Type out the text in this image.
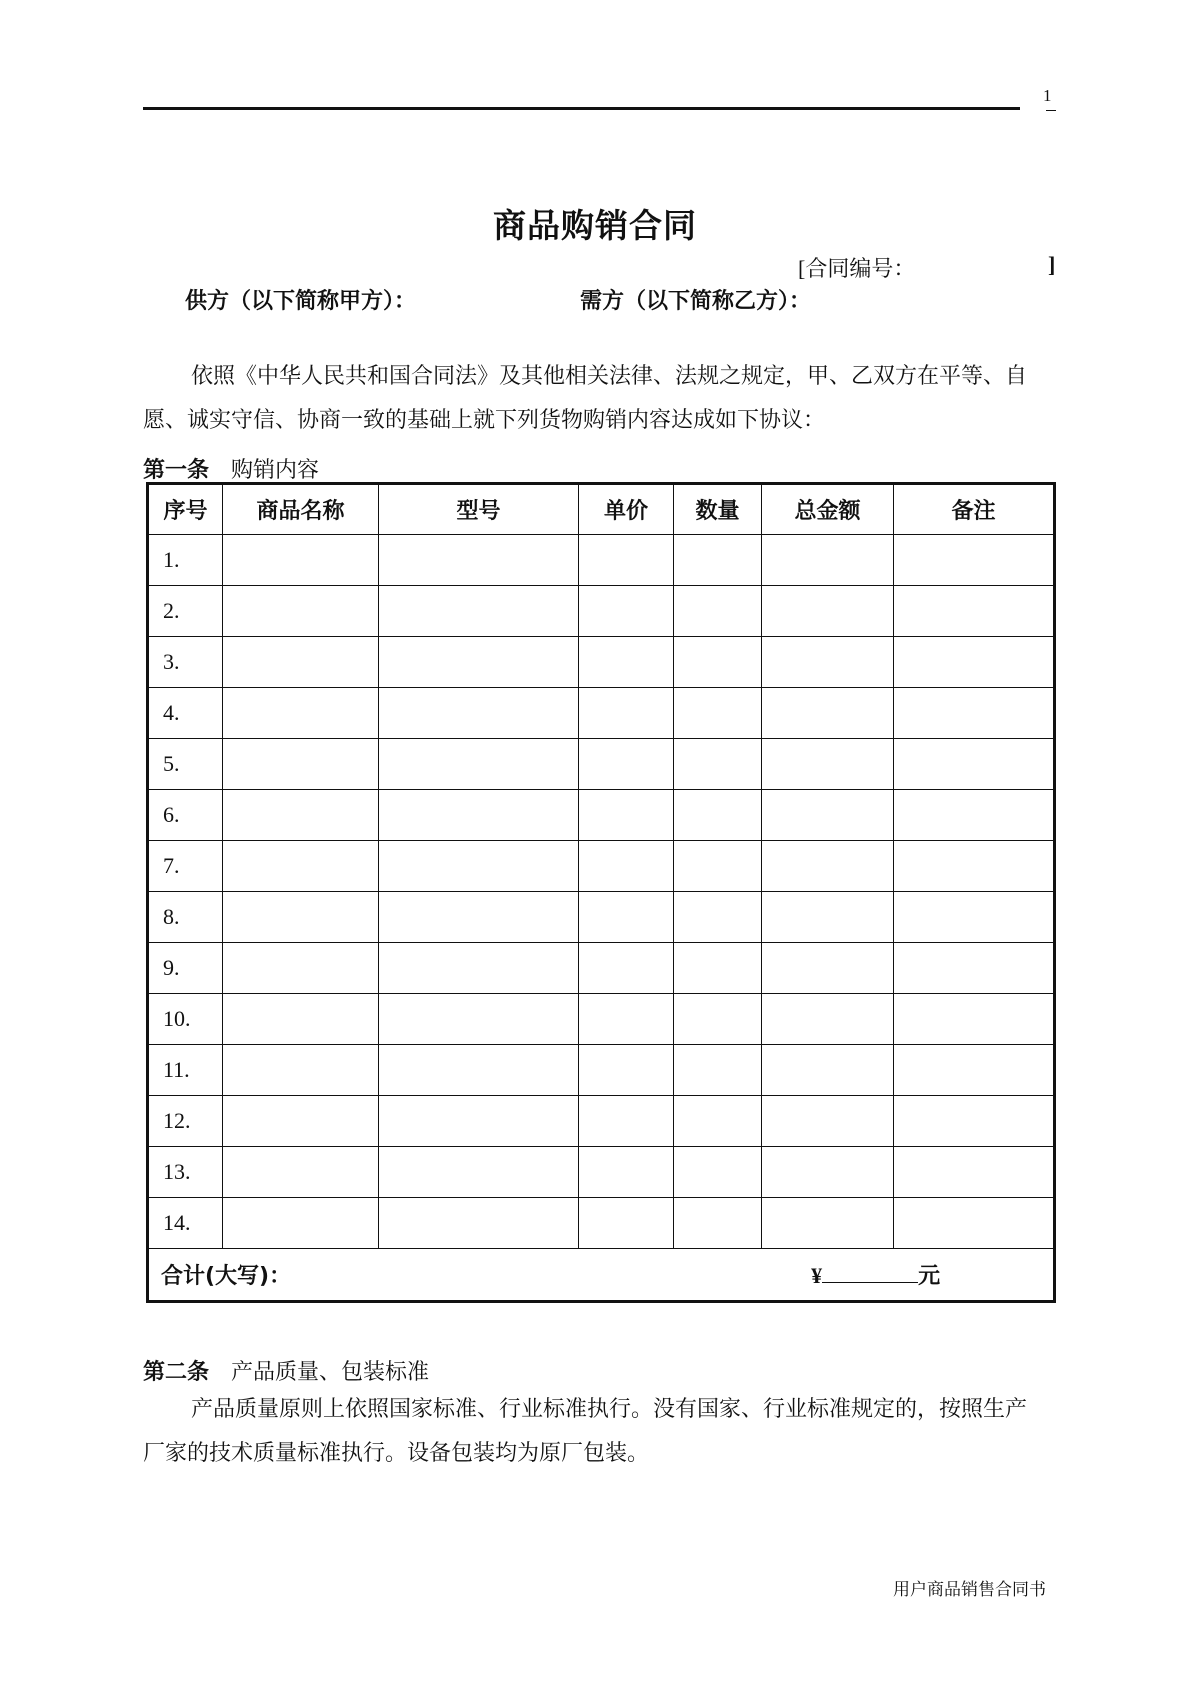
1
商品购销合同
[合同编号：	]
供方（以下简称甲方）：	需方（以下简称乙方）：

依照《中华人民共和国合同法》及其他相关法律、法规之规定，甲、乙双方在平等、自愿、诚实守信、协商一致的基础上就下列货物购销内容达成如下协议：

第一条 购销内容
序号	商品名称	型号	单价	数量	总金额	备注
1.						
2.						
3.						
4.						
5.						
6.						
7.						
8.						
9.						
10.						
11.						
12.						
13.						
14.						
合计(大写)： ¥ 元						
第二条 产品质量、包装标准

产品质量原则上依照国家标准、行业标准执行。没有国家、行业标准规定的，按照生产厂家的技术质量标准执行。设备包装均为原厂包装。

用户商品销售合同书
